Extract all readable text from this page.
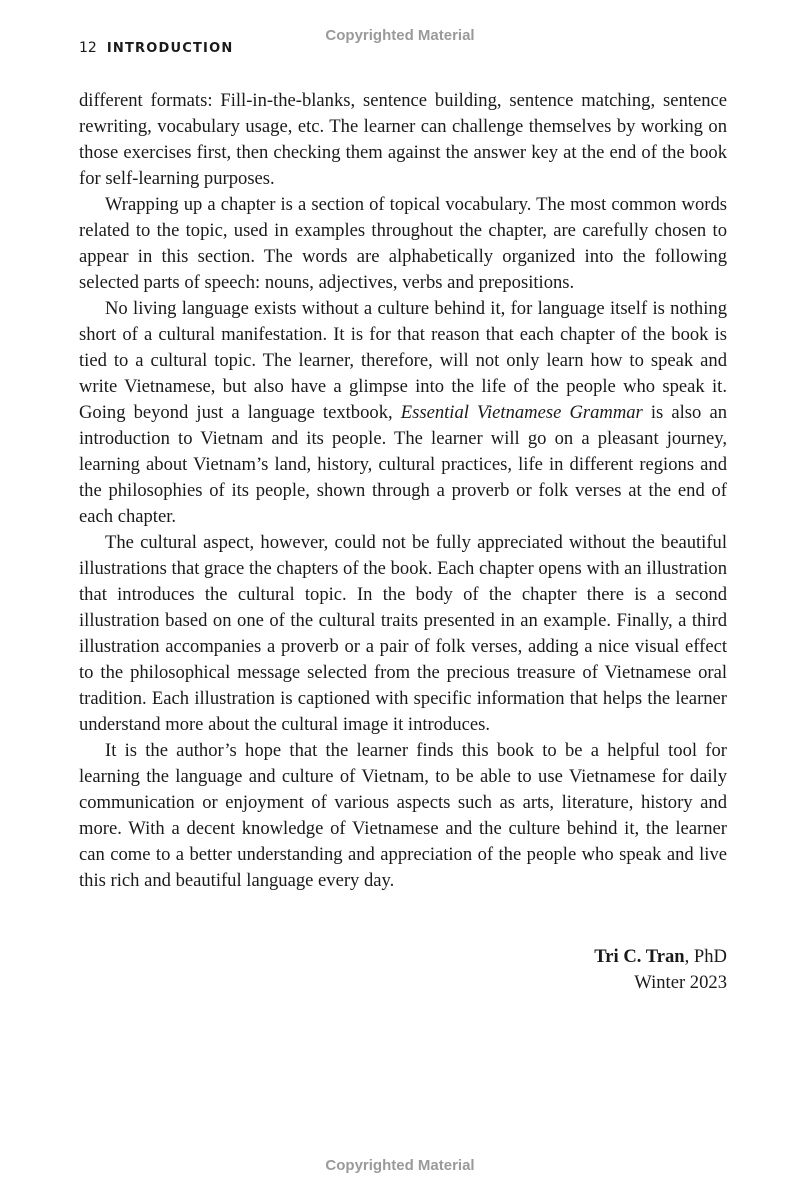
Copyrighted Material
12 INTRODUCTION

different formats: Fill-in-the-blanks, sentence building, sentence matching, sentence rewriting, vocabulary usage, etc. The learner can challenge themselves by working on those exercises first, then checking them against the answer key at the end of the book for self-learning purposes.

Wrapping up a chapter is a section of topical vocabulary. The most common words related to the topic, used in examples throughout the chapter, are carefully chosen to appear in this section. The words are alphabetically organized into the following selected parts of speech: nouns, adjectives, verbs and prepositions.

No living language exists without a culture behind it, for language itself is nothing short of a cultural manifestation. It is for that reason that each chapter of the book is tied to a cultural topic. The learner, therefore, will not only learn how to speak and write Vietnamese, but also have a glimpse into the life of the people who speak it. Going beyond just a language textbook, Essential Vietnamese Grammar is also an introduction to Vietnam and its people. The learner will go on a pleasant journey, learning about Vietnam’s land, history, cultural practices, life in different regions and the philosophies of its people, shown through a proverb or folk verses at the end of each chapter.

The cultural aspect, however, could not be fully appreciated without the beautiful illustrations that grace the chapters of the book. Each chapter opens with an illustration that introduces the cultural topic. In the body of the chapter there is a second illustration based on one of the cultural traits presented in an example. Finally, a third illustration accompanies a proverb or a pair of folk verses, adding a nice visual effect to the philosophical message selected from the precious treasure of Vietnamese oral tradition. Each illustration is captioned with specific information that helps the learner understand more about the cultural image it introduces.

It is the author’s hope that the learner finds this book to be a helpful tool for learning the language and culture of Vietnam, to be able to use Vietnamese for daily communication or enjoyment of various aspects such as arts, literature, history and more. With a decent knowledge of Vietnamese and the culture behind it, the learner can come to a better understanding and appreciation of the people who speak and live this rich and beautiful language every day.

Tri C. Tran, PhD
Winter 2023
Copyrighted Material
